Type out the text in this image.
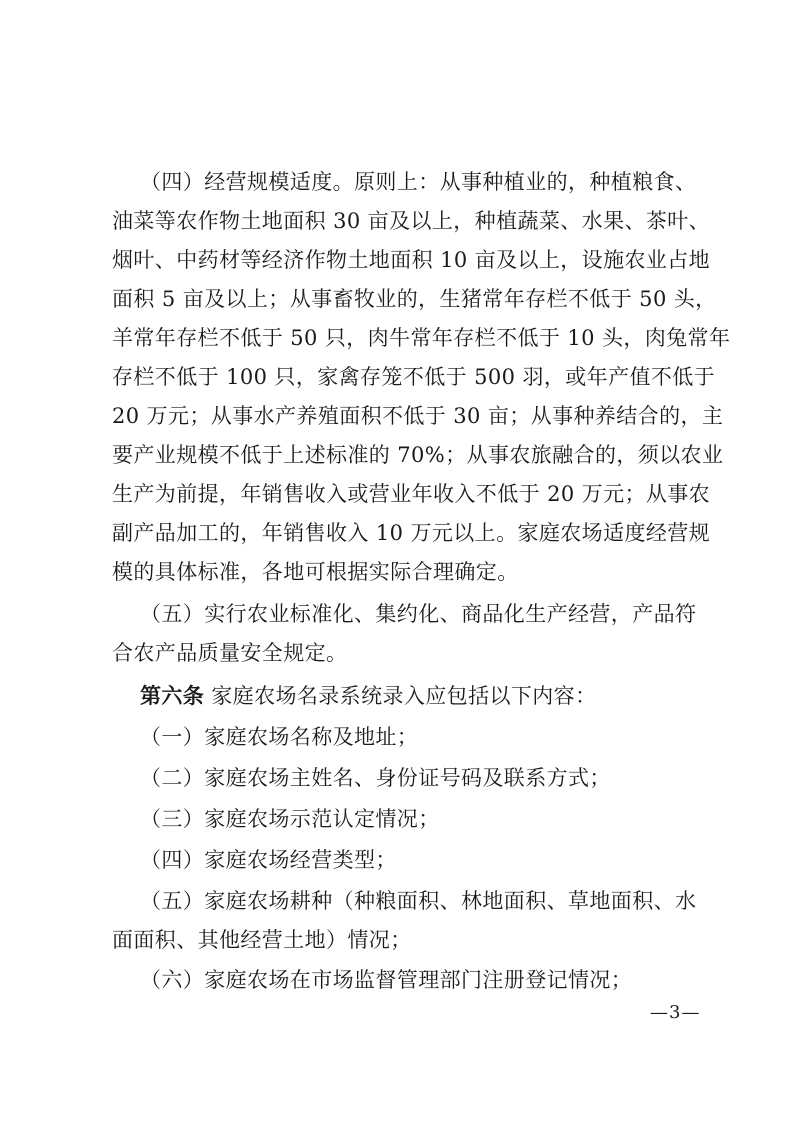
（四）经营规模适度。原则上：从事种植业的，种植粮食、
油菜等农作物土地面积 30 亩及以上，种植蔬菜、水果、茶叶、
烟叶、中药材等经济作物土地面积 10 亩及以上，设施农业占地
面积 5 亩及以上；从事畜牧业的，生猪常年存栏不低于 50 头，
羊常年存栏不低于 50 只，肉牛常年存栏不低于 10 头，肉兔常年
存栏不低于 100 只，家禽存笼不低于 500 羽，或年产值不低于
20 万元；从事水产养殖面积不低于 30 亩；从事种养结合的，主
要产业规模不低于上述标准的 70%；从事农旅融合的，须以农业
生产为前提，年销售收入或营业年收入不低于 20 万元；从事农
副产品加工的，年销售收入 10 万元以上。家庭农场适度经营规
模的具体标准，各地可根据实际合理确定。
（五）实行农业标准化、集约化、商品化生产经营，产品符
合农产品质量安全规定。
第六条 家庭农场名录系统录入应包括以下内容：
（一）家庭农场名称及地址；
（二）家庭农场主姓名、身份证号码及联系方式；
（三）家庭农场示范认定情况；
（四）家庭农场经营类型；
（五）家庭农场耕种（种粮面积、林地面积、草地面积、水
面面积、其他经营土地）情况；
（六）家庭农场在市场监督管理部门注册登记情况；
—3—
